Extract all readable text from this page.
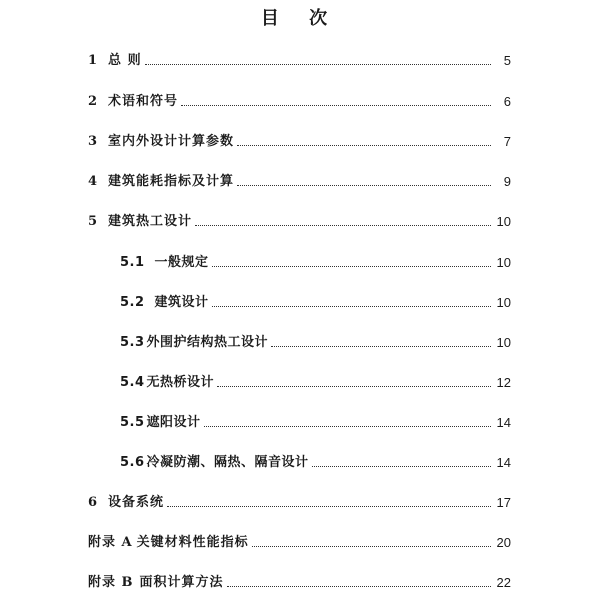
目 次
1 总 则	5
2 术语和符号	6
3 室内外设计计算参数	7
4 建筑能耗指标及计算	9
5 建筑热工设计	10
5.1 一般规定	10
5.2 建筑设计	10
5.3 外围护结构热工设计	10
5.4 无热桥设计	12
5.5 遮阳设计	14
5.6 冷凝防潮、隔热、隔音设计	14
6 设备系统	17
附录 A 关键材料性能指标	20
附录 B 面积计算方法	22
